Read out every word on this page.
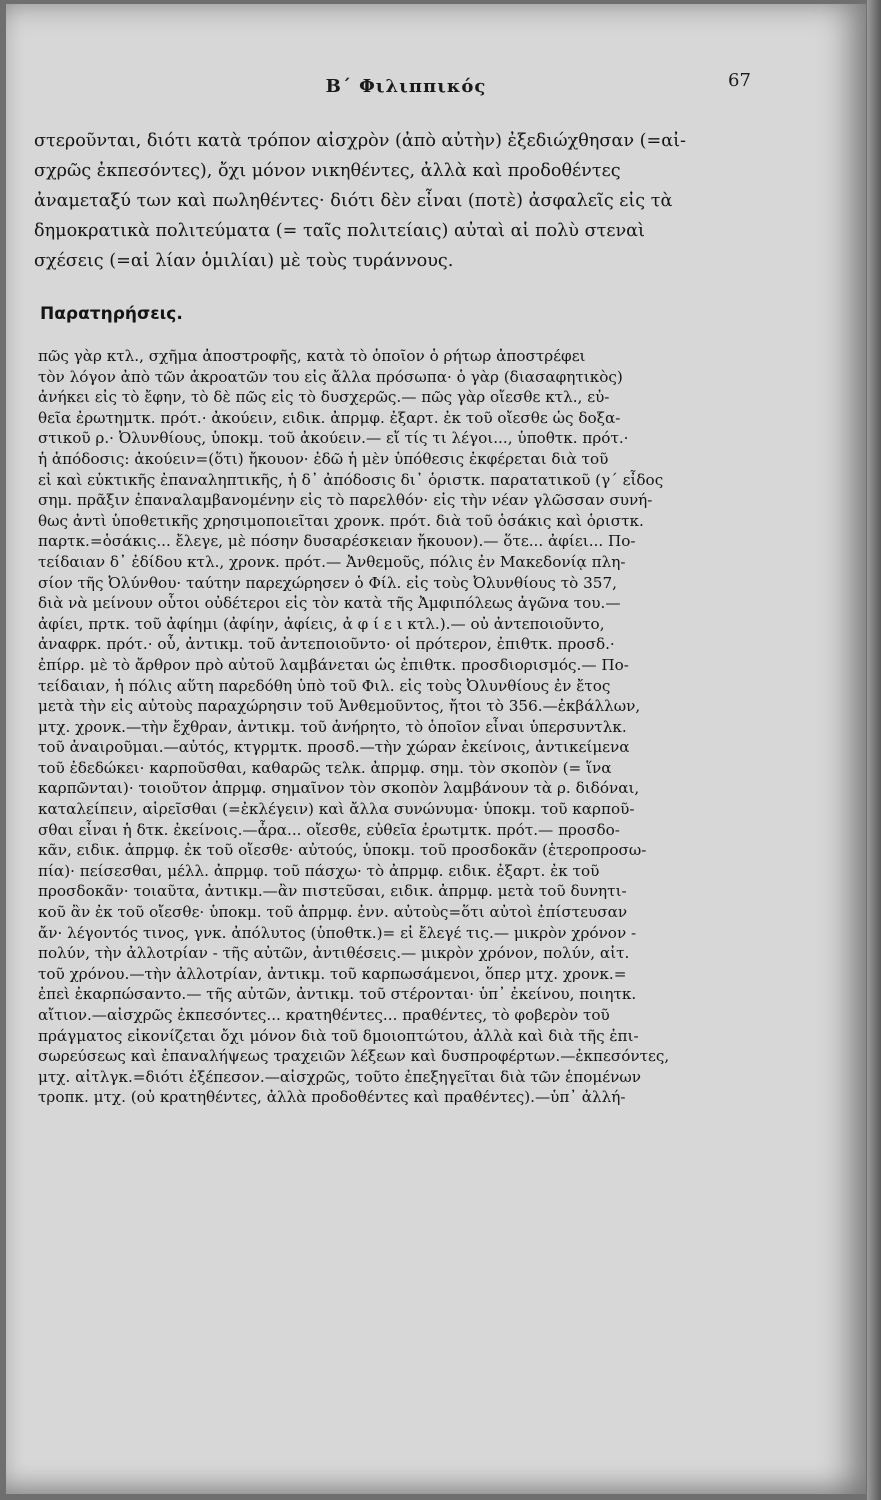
Β΄ Φιλιππικός	67
στεροῦνται, διότι κατὰ τρόπον αἰσχρὸν (ἀπὸ αὐτὴν) ἐξεδιώχθησαν (=αἰ-
σχρῶς ἐκπεσόντες), ὄχι μόνον νικηθέντες, ἀλλὰ καὶ προδοθέντες
ἀναμεταξύ των καὶ πωληθέντες· διότι δὲν εἶναι (ποτὲ) ἀσφαλεῖς εἰς τὰ
δημοκρατικὰ πολιτεύματα (= ταῖς πολιτείαις) αὐταὶ αἱ πολὺ στεναὶ
σχέσεις (=αἱ λίαν ὁμιλίαι) μὲ τοὺς τυράννους.
Παρατηρήσεις.
πῶς γὰρ κτλ., σχῆμα ἀποστροφῆς, κατὰ τὸ ὁποῖον ὁ ρήτωρ ἀποστρέφει
τὸν λόγον ἀπὸ τῶν ἀκροατῶν του εἰς ἄλλα πρόσωπα· ὁ γὰρ (διασαφητικὸς)
ἀνήκει εἰς τὸ ἔφην, τὸ δὲ πῶς εἰς τὸ δυσχερῶς.— πῶς γὰρ οἴεσθε κτλ., εὐ-
θεῖα ἐρωτημτκ. πρότ.· ἀκούειν, ειδικ. ἀπρμφ. ἐξαρτ. ἐκ τοῦ οἴεσθε ὡς δοξα-
στικοῦ ρ.· Ὀλυνθίους, ὑποκμ. τοῦ ἀκούειν.— εἴ τίς τι λέγοι..., ὑποθτκ. πρότ.·
ἡ ἀπόδοσις: ἀκούειν=(ὅτι) ἤκουον· ἐδῶ ἡ μὲν ὑπόθεσις ἐκφέρεται διὰ τοῦ
εἰ καὶ εὐκτικῆς ἐπαναληπτικῆς, ἡ δ᾽ ἀπόδοσις δι᾽ ὁριστκ. παρατατικοῦ (γ΄ εἶδος
σημ. πρᾶξιν ἐπαναλαμβανομένην εἰς τὸ παρελθόν· εἰς τὴν νέαν γλῶσσαν συνή-
θως ἀντὶ ὑποθετικῆς χρησιμοποιεῖται χρονκ. πρότ. διὰ τοῦ ὁσάκις καὶ ὁριστκ.
παρτκ.=ὁσάκις... ἔλεγε, μὲ πόσην δυσαρέσκειαν ἤκουον).— ὅτε... ἀφίει... Πο-
τείδαιαν δ᾽ ἐδίδου κτλ., χρονκ. πρότ.— Ἀνθεμοῦς, πόλις ἐν Μακεδονίᾳ πλη-
σίον τῆς Ὀλύνθου· ταύτην παρεχώρησεν ὁ Φίλ. εἰς τοὺς Ὀλυνθίους τὸ 357,
διὰ νὰ μείνουν οὗτοι οὐδέτεροι εἰς τὸν κατὰ τῆς Ἀμφιπόλεως ἀγῶνα του.—
ἀφίει, πρτκ. τοῦ ἀφίημι (ἀφίην, ἀφίεις, ἀ φ ί ε ι κτλ.).— οὐ ἀντεποιοῦντο,
ἀναφρκ. πρότ.· οὗ, ἀντικμ. τοῦ ἀντεποιοῦντο· οἱ πρότερον, ἐπιθτκ. προσδ.·
ἐπίρρ. μὲ τὸ ἄρθρον πρὸ αὐτοῦ λαμβάνεται ὡς ἐπιθτκ. προσδιορισμός.— Πο-
τείδαιαν, ἡ πόλις αὕτη παρεδόθη ὑπὸ τοῦ Φιλ. εἰς τοὺς Ὀλυνθίους ἐν ἔτος
μετὰ τὴν εἰς αὐτοὺς παραχώρησιν τοῦ Ἀνθεμοῦντος, ἤτοι τὸ 356.—ἐκβάλλων,
μτχ. χρονκ.—τὴν ἔχθραν, ἀντικμ. τοῦ ἀνήρητο, τὸ ὁποῖον εἶναι ὑπερσυντλκ.
τοῦ ἀναιροῦμαι.—αὐτός, κτγρμτκ. προσδ.—τὴν χώραν ἐκείνοις, ἀντικείμενα
τοῦ ἐδεδώκει· καρποῦσθαι, καθαρῶς τελκ. ἀπρμφ. σημ. τὸν σκοπὸν (= ἵνα
καρπῶνται)· τοιοῦτον ἀπρμφ. σημαῖνον τὸν σκοπὸν λαμβάνουν τὰ ρ. διδόναι,
καταλείπειν, αἱρεῖσθαι (=ἐκλέγειν) καὶ ἄλλα συνώνυμα· ὑποκμ. τοῦ καρποῦ-
σθαι εἶναι ἡ δτκ. ἐκείνοις.—ἆρα... οἴεσθε, εὐθεῖα ἐρωτμτκ. πρότ.— προσδο-
κᾶν, ειδικ. ἀπρμφ. ἐκ τοῦ οἴεσθε· αὐτούς, ὑποκμ. τοῦ προσδοκᾶν (ἑτεροπροσω-
πία)· πείσεσθαι, μέλλ. ἀπρμφ. τοῦ πάσχω· τὸ ἀπρμφ. ειδικ. ἐξαρτ. ἐκ τοῦ
προσδοκᾶν· τοιαῦτα, ἀντικμ.—ἂν πιστεῦσαι, ειδικ. ἀπρμφ. μετὰ τοῦ δυνητι-
κοῦ ἂν ἐκ τοῦ οἴεσθε· ὑποκμ. τοῦ ἀπρμφ. ἐνν. αὐτοὺς=ὅτι αὐτοὶ ἐπίστευσαν
ἄν· λέγοντός τινος, γνκ. ἀπόλυτος (ὑποθτκ.)= εἰ ἔλεγέ τις.— μικρὸν χρόνον -
πολύν, τὴν ἀλλοτρίαν - τῆς αὐτῶν, ἀντιθέσεις.— μικρὸν χρόνον, πολύν, αἰτ.
τοῦ χρόνου.—τὴν ἀλλοτρίαν, ἀντικμ. τοῦ καρπωσάμενοι, ὅπερ μτχ. χρονκ.=
ἐπεὶ ἐκαρπώσαντο.— τῆς αὐτῶν, ἀντικμ. τοῦ στέρονται· ὑπ᾽ ἐκείνου, ποιητκ.
αἴτιον.—αἰσχρῶς ἐκπεσόντες... κρατηθέντες... πραθέντες, τὸ φοβερὸν τοῦ
πράγματος εἰκονίζεται ὄχι μόνον διὰ τοῦ δμοιοπτώτου, ἀλλὰ καὶ διὰ τῆς ἐπι-
σωρεύσεως καὶ ἐπαναλήψεως τραχειῶν λέξεων καὶ δυσπροφέρτων.—ἐκπεσόντες,
μτχ. αἰτλγκ.=διότι ἐξέπεσον.—αἰσχρῶς, τοῦτο ἐπεξηγεῖται διὰ τῶν ἑπομένων
τροπκ. μτχ. (οὐ κρατηθέντες, ἀλλὰ προδοθέντες καὶ πραθέντες).—ὑπ᾽ ἀλλή-
